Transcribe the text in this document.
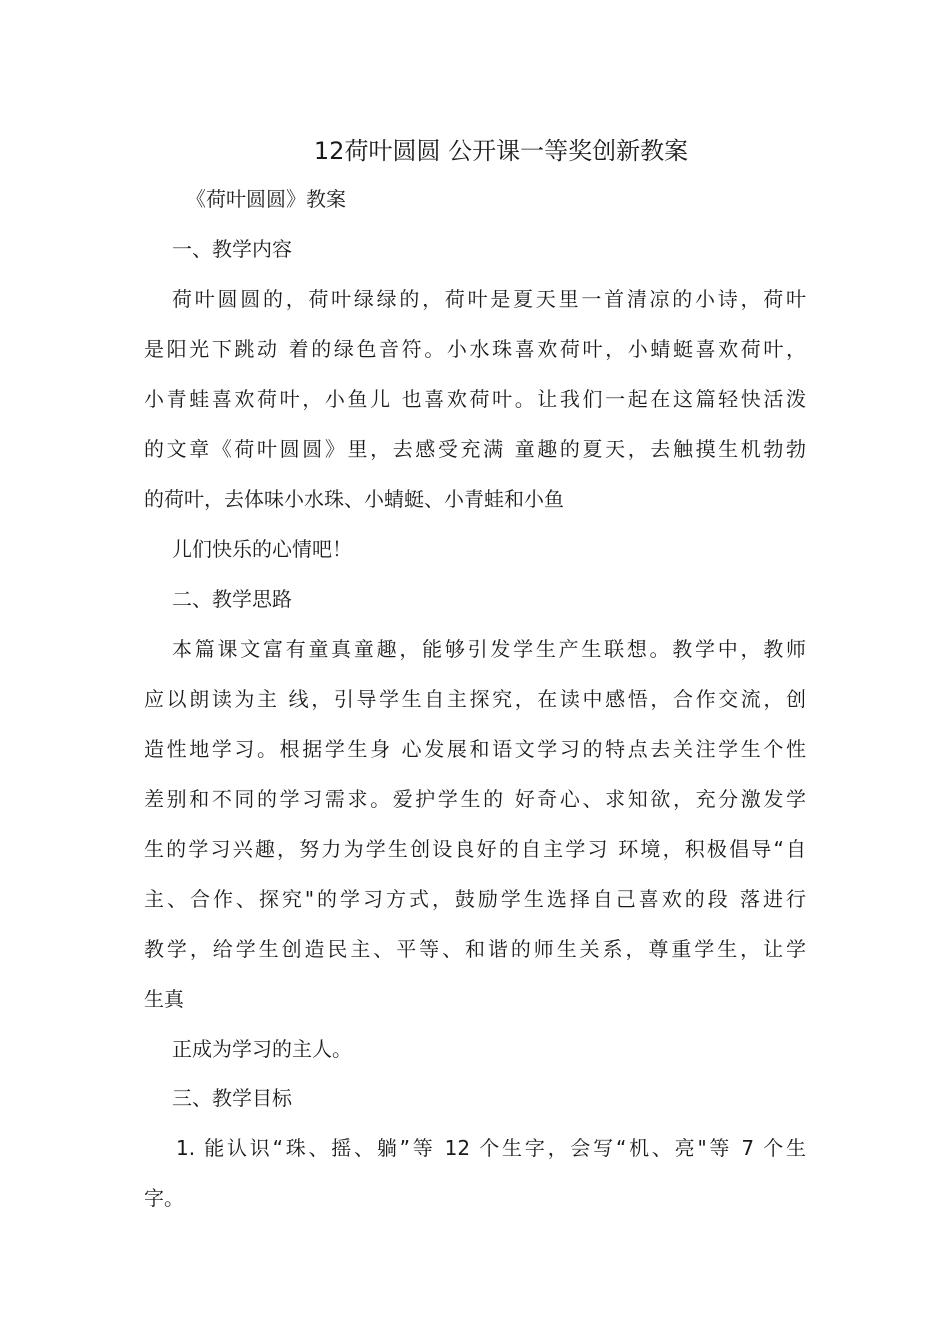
12荷叶圆圆 公开课一等奖创新教案
《荷叶圆圆》教案
一、教学内容
荷叶圆圆的，荷叶绿绿的，荷叶是夏天里一首清凉的小诗，荷叶
是阳光下跳动 着的绿色音符。小水珠喜欢荷叶，小蜻蜓喜欢荷叶，
小青蛙喜欢荷叶，小鱼儿 也喜欢荷叶。让我们一起在这篇轻快活泼
的文章《荷叶圆圆》里，去感受充满 童趣的夏天，去触摸生机勃勃
的荷叶，去体味小水珠、小蜻蜓、小青蛙和小鱼
儿们快乐的心情吧！
二、教学思路
本篇课文富有童真童趣，能够引发学生产生联想。教学中，教师
应以朗读为主 线，引导学生自主探究，在读中感悟，合作交流，创
造性地学习。根据学生身 心发展和语文学习的特点去关注学生个性
差别和不同的学习需求。爱护学生的 好奇心、求知欲，充分激发学
生的学习兴趣，努力为学生创设良好的自主学习 环境，积极倡导“自
主、合作、探究"的学习方式，鼓励学生选择自己喜欢的段 落进行
教学，给学生创造民主、平等、和谐的师生关系，尊重学生，让学
生真
正成为学习的主人。
三、教学目标
1. 能认识“珠、摇、躺”等 12 个生字，会写“机、亮"等 7 个生
字。
